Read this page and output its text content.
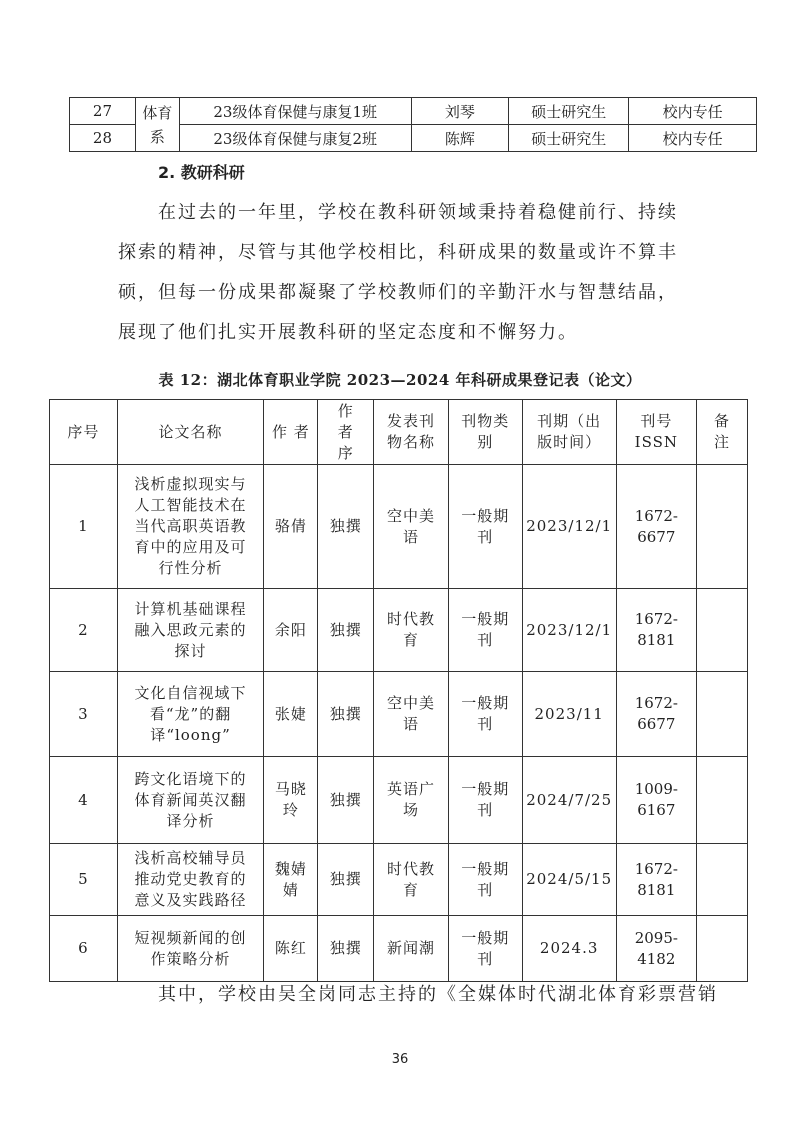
27	体育系	23级体育保健与康复1班	刘琴	硕士研究生	校内专任
28		23级体育保健与康复2班	陈辉	硕士研究生	校内专任
2. 教研科研

在过去的一年里，学校在教科研领域秉持着稳健前行、持续探索的精神，尽管与其他学校相比，科研成果的数量或许不算丰硕，但每一份成果都凝聚了学校教师们的辛勤汗水与智慧结晶，展现了他们扎实开展教科研的坚定态度和不懈努力。

表 12：湖北体育职业学院 2023—2024 年科研成果登记表（论文）
序号	论文名称	作 者	作者序	发表刊物名称	刊物类别	刊期（出版时间）	刊号ISSN	备注
1	浅析虚拟现实与人工智能技术在当代高职英语教育中的应用及可行性分析	骆倩	独撰	空中美语	一般期刊	2023/12/1	1672-6677	
2	计算机基础课程融入思政元素的探讨	余阳	独撰	时代教育	一般期刊	2023/12/1	1672-8181	
3	文化自信视域下看“龙”的翻译“loong”	张婕	独撰	空中美语	一般期刊	2023/11	1672-6677	
4	跨文化语境下的体育新闻英汉翻译分析	马晓玲	独撰	英语广场	一般期刊	2024/7/25	1009-6167	
5	浅析高校辅导员推动党史教育的意义及实践路径	魏婧婧	独撰	时代教育	一般期刊	2024/5/15	1672-8181	
6	短视频新闻的创作策略分析	陈红	独撰	新闻潮	一般期刊	2024.3	2095-4182	
其中，学校由吴全岗同志主持的《全媒体时代湖北体育彩票营销
36
